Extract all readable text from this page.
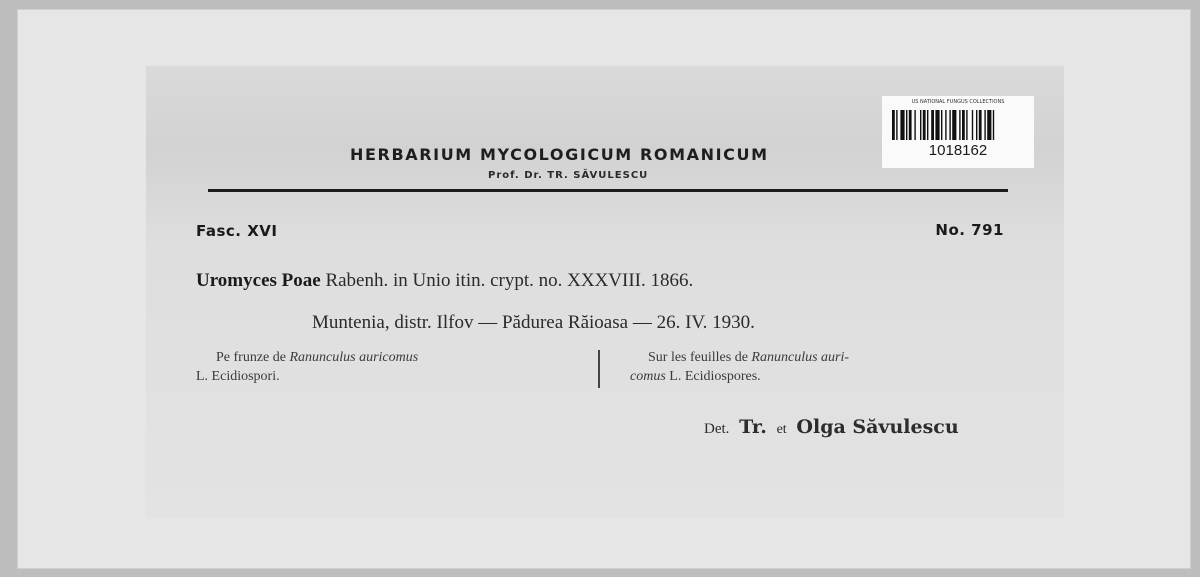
HERBARIUM MYCOLOGICUM ROMANICUM
Prof. Dr. TR. SĂVULESCU
Fasc. XVI	No. 791
Uromyces Poae Rabenh. in Unio itin. crypt. no. XXXVIII. 1866.
Muntenia, distr. Ilfov — Pădurea Răioasa — 26. IV. 1930.
Pe frunze de Ranunculus auricomus
L. Ecidiospori.
Sur les feuilles de Ranunculus auri-
comus L. Ecidiospores.
Det. Tr. et Olga Săvulescu
US NATIONAL FUNGUS COLLECTIONS
1018162
